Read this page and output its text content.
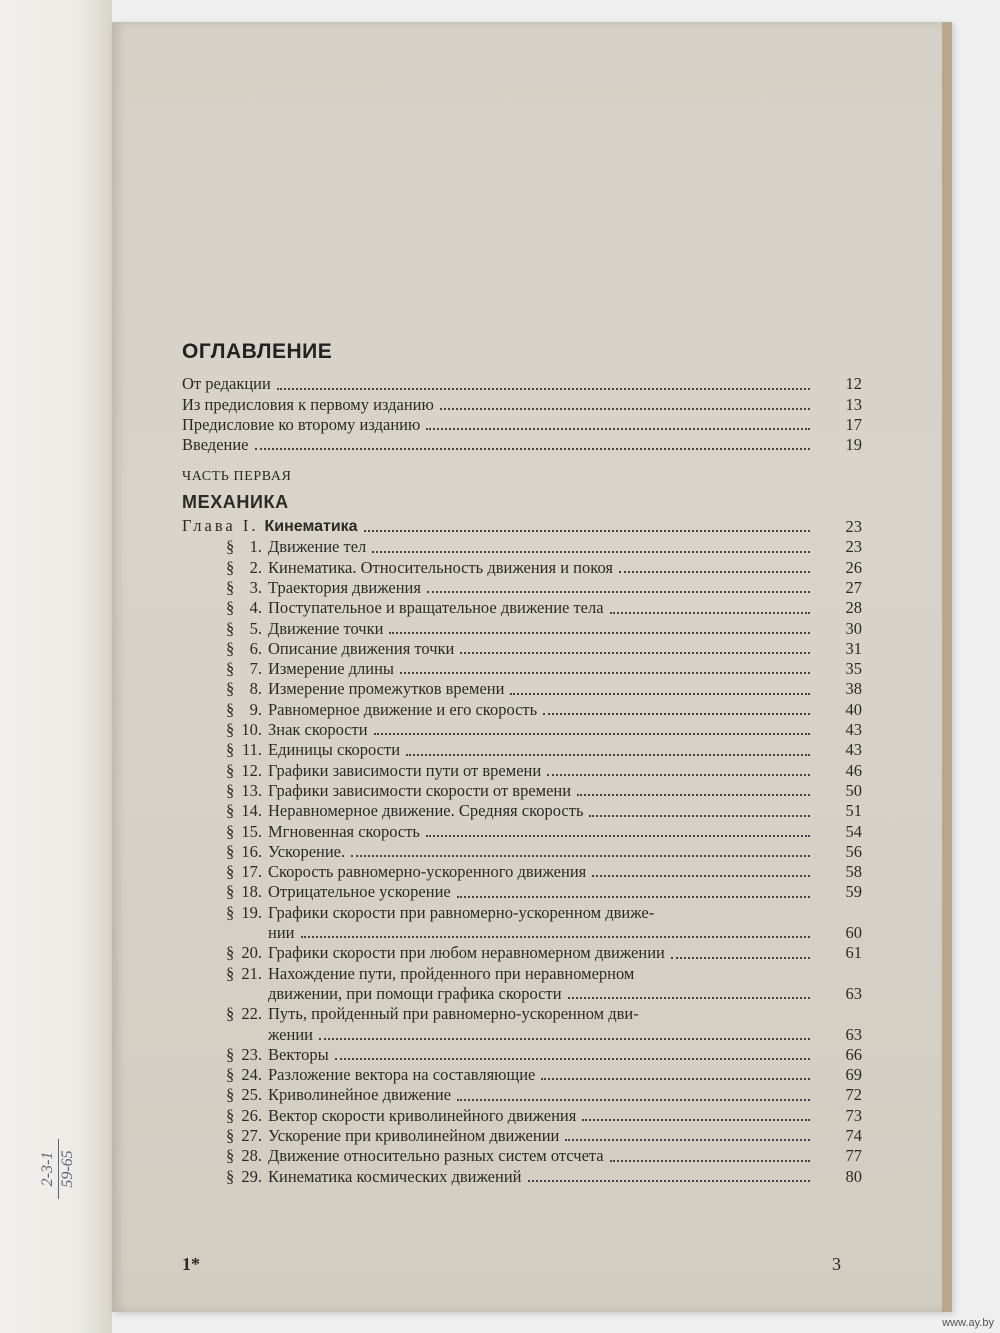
2-3-1 59-65
ОГЛАВЛЕНИЕ
От редакции	12
Из предисловия к первому изданию	13
Предисловие ко второму изданию	17
Введение	19
ЧАСТЬ ПЕРВАЯ
МЕХАНИКА
Глава I. Кинематика	23
§ 1. Движение тел	23
§ 2. Кинематика. Относительность движения и покоя	26
§ 3. Траектория движения	27
§ 4. Поступательное и вращательное движение тела	28
§ 5. Движение точки	30
§ 6. Описание движения точки	31
§ 7. Измерение длины	35
§ 8. Измерение промежутков времени	38
§ 9. Равномерное движение и его скорость	40
§ 10. Знак скорости	43
§ 11. Единицы скорости	43
§ 12. Графики зависимости пути от времени	46
§ 13. Графики зависимости скорости от времени	50
§ 14. Неравномерное движение. Средняя скорость	51
§ 15. Мгновенная скорость	54
§ 16. Ускорение.	56
§ 17. Скорость равномерно-ускоренного движения	58
§ 18. Отрицательное ускорение	59
§ 19. Графики скорости при равномерно-ускоренном движе-
нии	60
§ 20. Графики скорости при любом неравномерном движении	61
§ 21. Нахождение пути, пройденного при неравномерном
движении, при помощи графика скорости	63
§ 22. Путь, пройденный при равномерно-ускоренном дви-
жении	63
§ 23. Векторы	66
§ 24. Разложение вектора на составляющие	69
§ 25. Криволинейное движение	72
§ 26. Вектор скорости криволинейного движения	73
§ 27. Ускорение при криволинейном движении	74
§ 28. Движение относительно разных систем отсчета	77
§ 29. Кинематика космических движений	80
1*	3
www.ay.by
